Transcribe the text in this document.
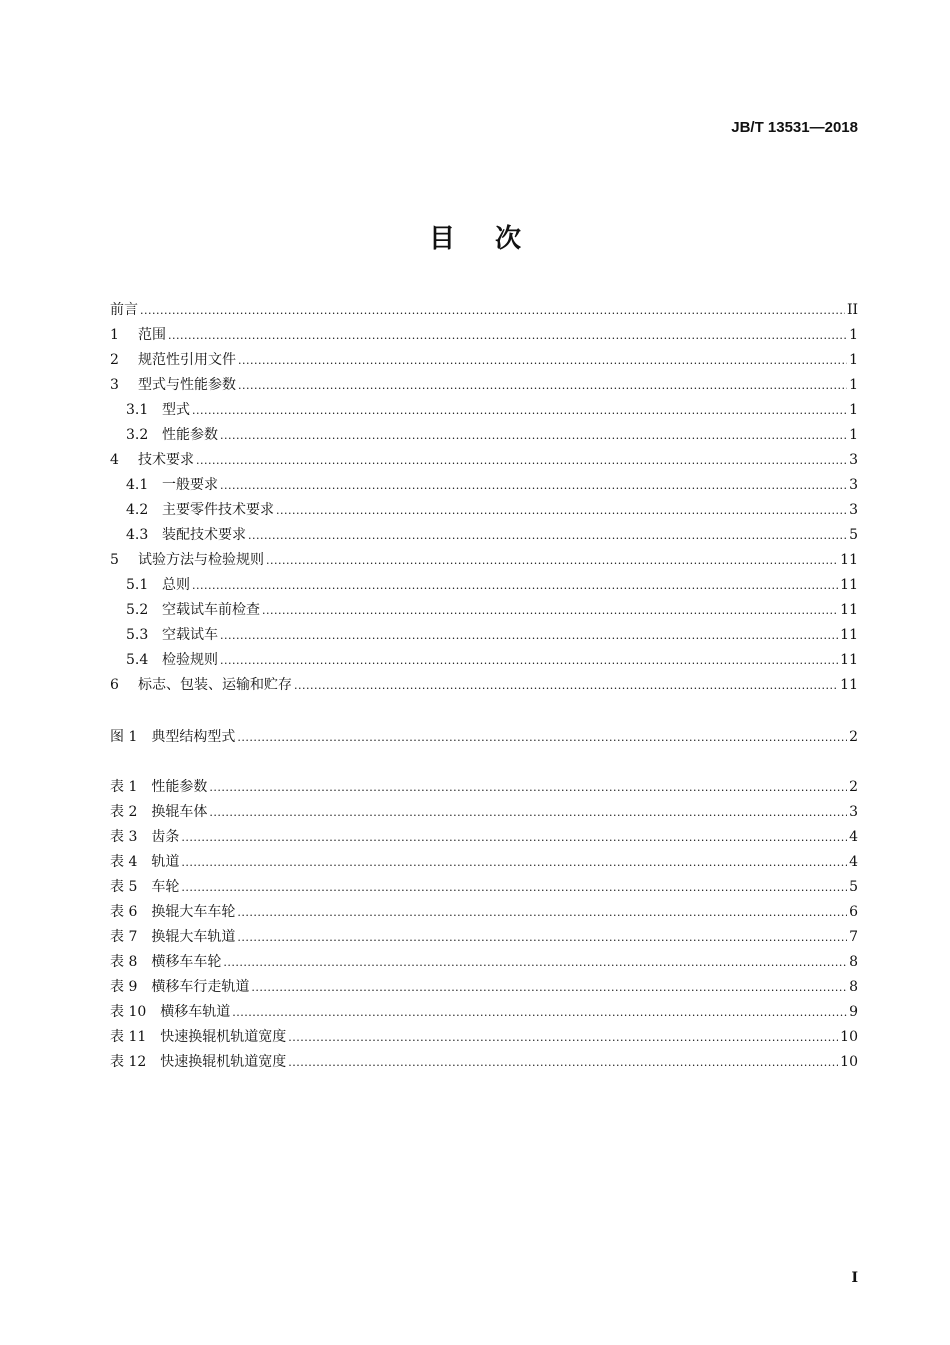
JB/T 13531—2018
目次
前言 .....	II
1	范围 .....	1
2	规范性引用文件 .....	1
3	型式与性能参数 .....	1
3.1 型式 .....	1
3.2 性能参数 .....	1
4	技术要求 .....	3
4.1 一般要求 .....	3
4.2 主要零件技术要求 .....	3
4.3 装配技术要求 .....	5
5	试验方法与检验规则 .....	11
5.1 总则 .....	11
5.2 空载试车前检查 .....	11
5.3 空载试车 .....	11
5.4 检验规则 .....	11
6	标志、包装、运输和贮存 .....	11
图 1 典型结构型式 .....	2
表 1 性能参数 .....	2
表 2 换辊车体 .....	3
表 3 齿条 .....	4
表 4 轨道 .....	4
表 5 车轮 .....	5
表 6 换辊大车车轮 .....	6
表 7 换辊大车轨道 .....	7
表 8 横移车车轮 .....	8
表 9 横移车行走轨道 .....	8
表 10 横移车轨道 .....	9
表 11 快速换辊机轨道宽度 .....	10
表 12 快速换辊机轨道宽度 .....	10
I
